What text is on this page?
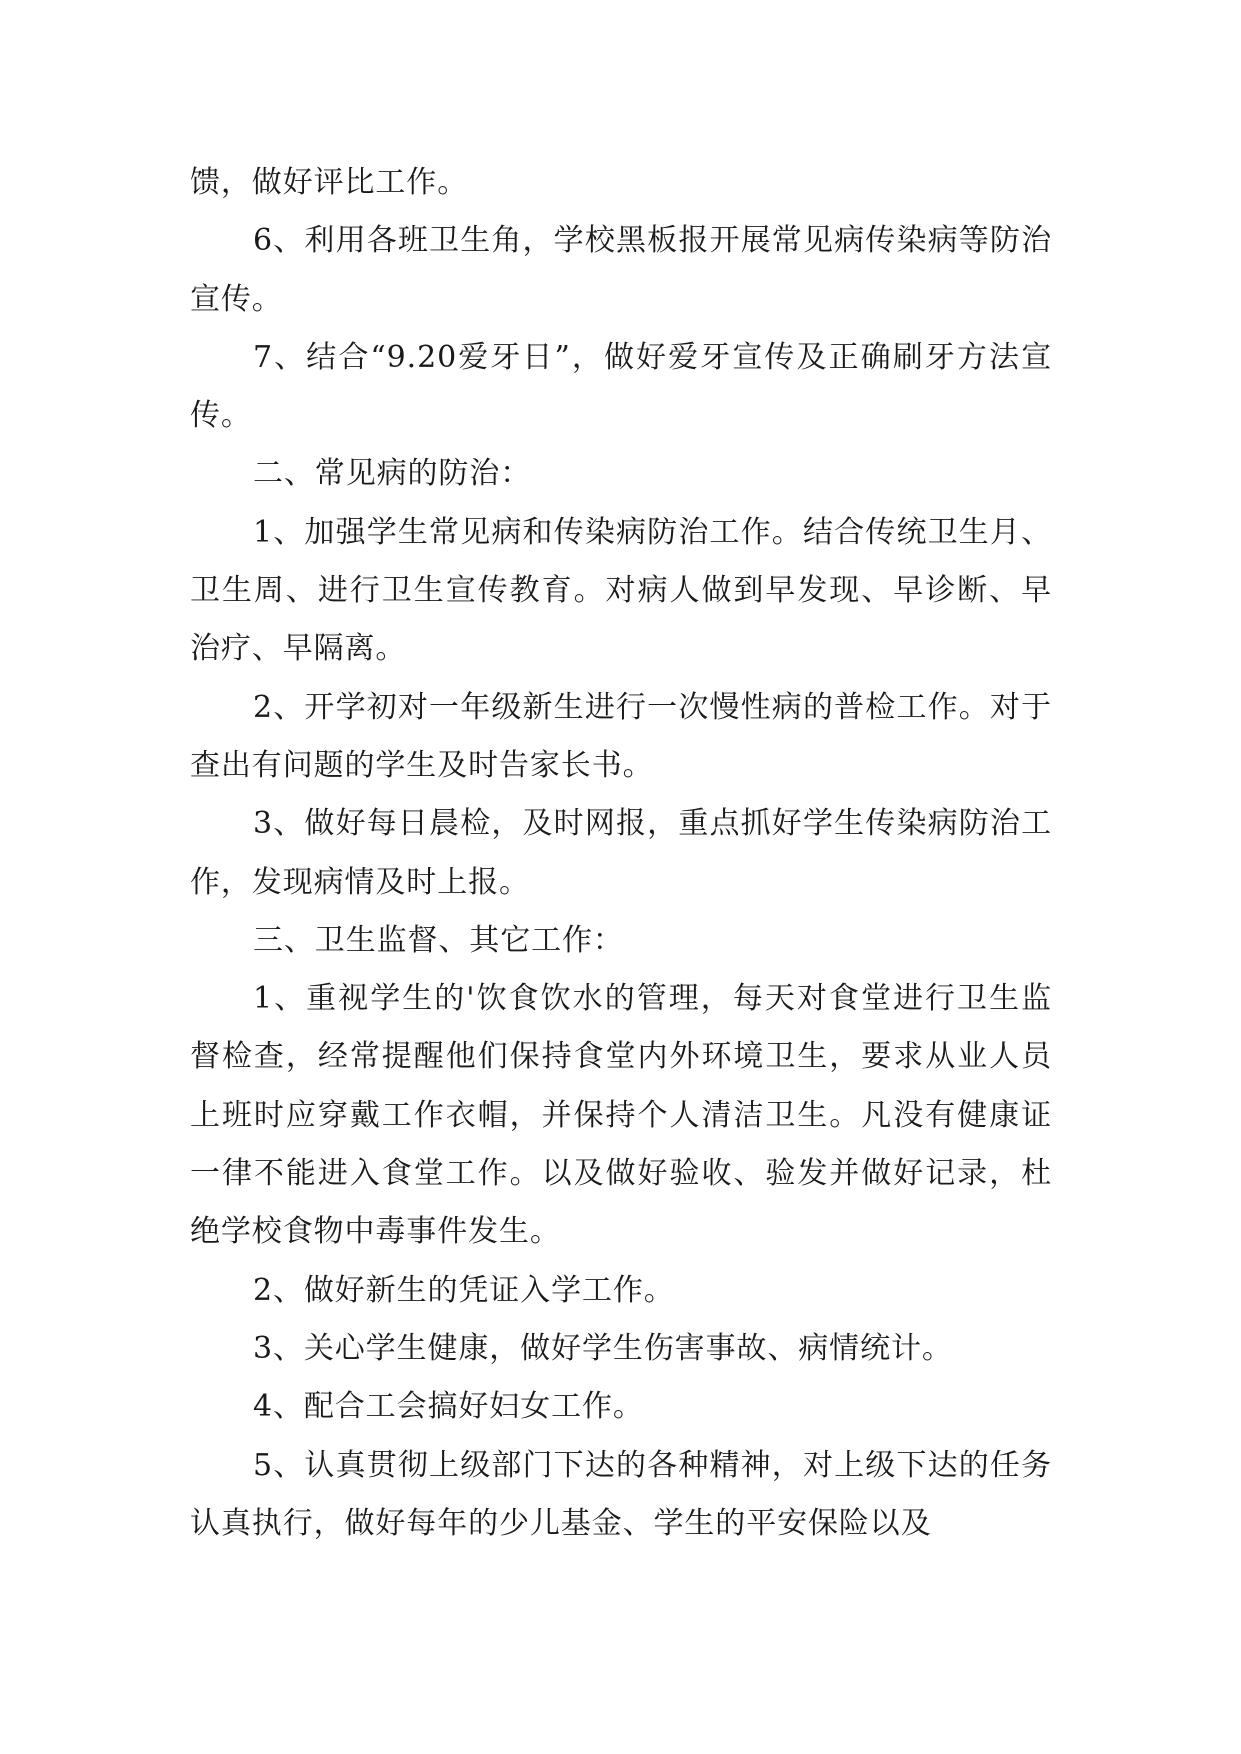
馈，做好评比工作。

6、利用各班卫生角，学校黑板报开展常见病传染病等防治宣传。

7、结合“9.20爱牙日”，做好爱牙宣传及正确刷牙方法宣传。

二、常见病的防治：

1、加强学生常见病和传染病防治工作。结合传统卫生月、卫生周、进行卫生宣传教育。对病人做到早发现、早诊断、早治疗、早隔离。

2、开学初对一年级新生进行一次慢性病的普检工作。对于查出有问题的学生及时告家长书。

3、做好每日晨检，及时网报，重点抓好学生传染病防治工作，发现病情及时上报。

三、卫生监督、其它工作：

1、重视学生的'饮食饮水的管理，每天对食堂进行卫生监督检查，经常提醒他们保持食堂内外环境卫生，要求从业人员上班时应穿戴工作衣帽，并保持个人清洁卫生。凡没有健康证一律不能进入食堂工作。以及做好验收、验发并做好记录，杜绝学校食物中毒事件发生。

2、做好新生的凭证入学工作。

3、关心学生健康，做好学生伤害事故、病情统计。

4、配合工会搞好妇女工作。

5、认真贯彻上级部门下达的各种精神，对上级下达的任务认真执行，做好每年的少儿基金、学生的平安保险以及
